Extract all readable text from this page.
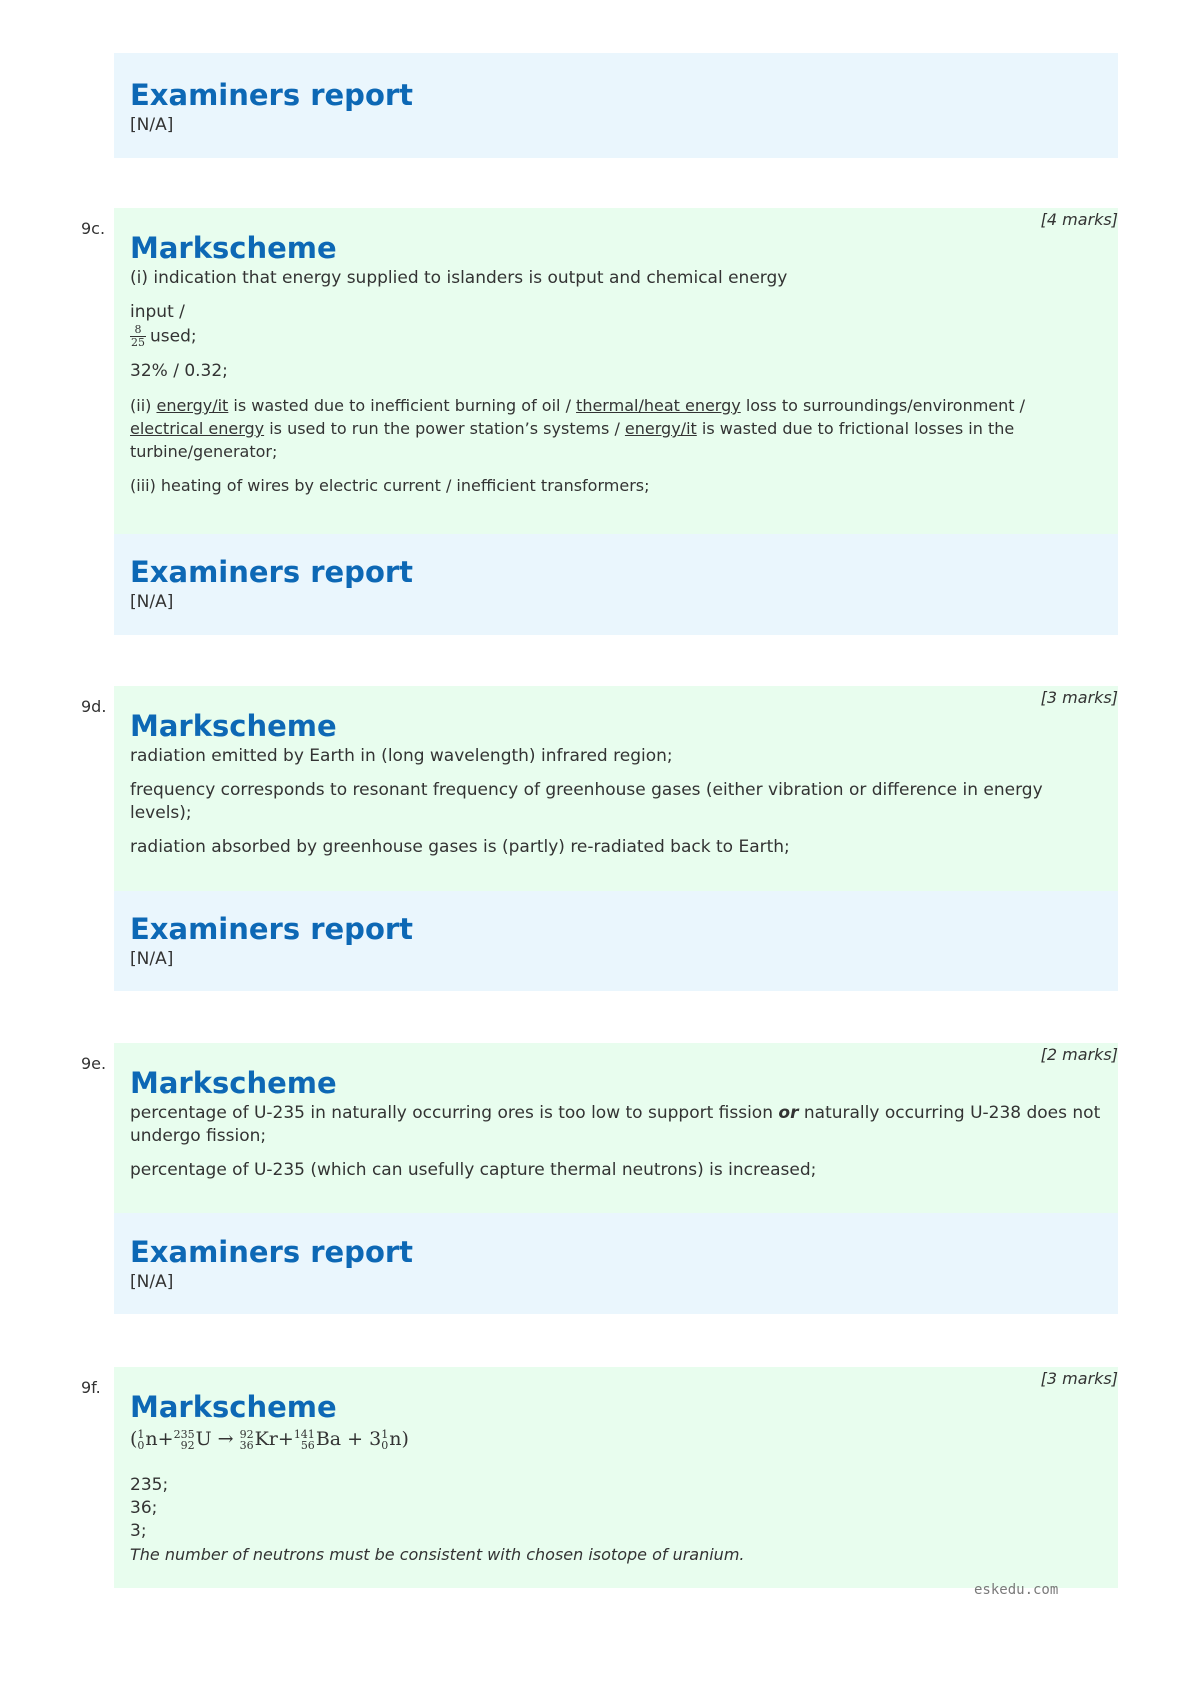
Examiners report

[N/A]

9c.	[4 marks]
Markscheme

(i) indication that energy supplied to islanders is output and chemical energy

input /

$\frac{8}{25}$ used;

32% / 0.32;

(ii) energy/it is wasted due to inefficient burning of oil / thermal/heat energy loss to surroundings/environment / electrical energy is used to run the power station’s systems / energy/it is wasted due to frictional losses in the turbine/generator;

(iii) heating of wires by electric current / inefficient transformers;

Examiners report

[N/A]

9d.	[3 marks]
Markscheme

radiation emitted by Earth in (long wavelength) infrared region;

frequency corresponds to resonant frequency of greenhouse gases (either vibration or difference in energy levels);

radiation absorbed by greenhouse gases is (partly) re-radiated back to Earth;

Examiners report

[N/A]

9e.	[2 marks]
Markscheme

percentage of U-235 in naturally occurring ores is too low to support fission or naturally occurring U-238 does not undergo fission;

percentage of U-235 (which can usefully capture thermal neutrons) is increased;

Examiners report

[N/A]

9f.	[3 marks]
Markscheme
( 1
0 n+ 235
92 U → 92
36 Kr+ 141
56 Ba + 3 1
0 n)

235;

36;

3;

The number of neutrons must be consistent with chosen isotope of uranium.

eskedu.com
